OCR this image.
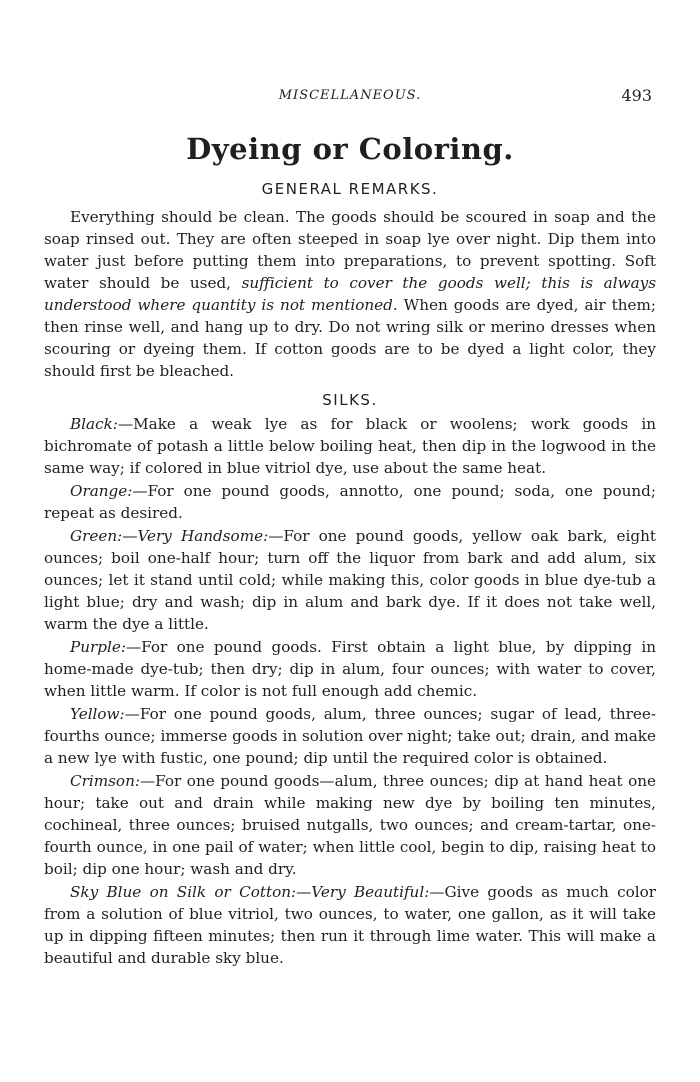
MISCELLANEOUS.	493
Dyeing or Coloring.
GENERAL REMARKS.

Everything should be clean. The goods should be scoured in soap and the soap rinsed out. They are often steeped in soap lye over night. Dip them into water just before putting them into preparations, to prevent spotting. Soft water should be used, sufficient to cover the goods well; this is always understood where quantity is not mentioned. When goods are dyed, air them; then rinse well, and hang up to dry. Do not wring silk or merino dresses when scouring or dyeing them. If cotton goods are to be dyed a light color, they should first be bleached.

SILKS.

Black:—Make a weak lye as for black or woolens; work goods in bichromate of potash a little below boiling heat, then dip in the logwood in the same way; if colored in blue vitriol dye, use about the same heat.

Orange:—For one pound goods, annotto, one pound; soda, one pound; repeat as desired.

Green:—Very Handsome:—For one pound goods, yellow oak bark, eight ounces; boil one-half hour; turn off the liquor from bark and add alum, six ounces; let it stand until cold; while making this, color goods in blue dye-tub a light blue; dry and wash; dip in alum and bark dye. If it does not take well, warm the dye a little.

Purple:—For one pound goods. First obtain a light blue, by dipping in home-made dye-tub; then dry; dip in alum, four ounces; with water to cover, when little warm. If color is not full enough add chemic.

Yellow:—For one pound goods, alum, three ounces; sugar of lead, three-fourths ounce; immerse goods in solution over night; take out; drain, and make a new lye with fustic, one pound; dip until the required color is obtained.

Crimson:—For one pound goods—alum, three ounces; dip at hand heat one hour; take out and drain while making new dye by boiling ten minutes, cochineal, three ounces; bruised nutgalls, two ounces; and cream-tartar, one-fourth ounce, in one pail of water; when little cool, begin to dip, raising heat to boil; dip one hour; wash and dry.

Sky Blue on Silk or Cotton:—Very Beautiful:—Give goods as much color from a solution of blue vitriol, two ounces, to water, one gallon, as it will take up in dipping fifteen minutes; then run it through lime water. This will make a beautiful and durable sky blue.
